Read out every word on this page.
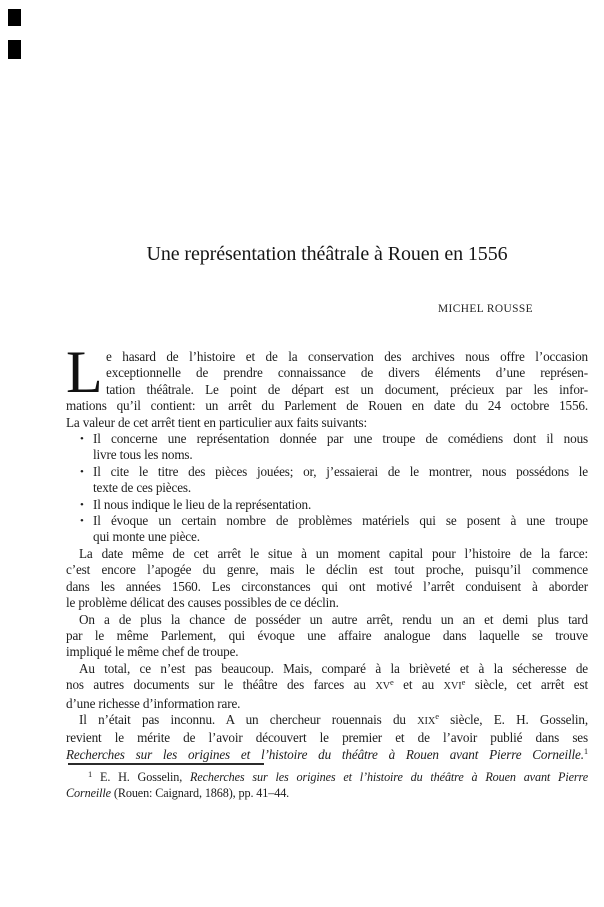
Une représentation théâtrale à Rouen en 1556
MICHEL ROUSSE
L e hasard de l’histoire et de la conservation des archives nous offre l’occasion
exceptionnelle de prendre connaissance de divers éléments d’une représen-
tation théâtrale. Le point de départ est un document, précieux par les infor-
mations qu’il contient: un arrêt du Parlement de Rouen en date du 24 octobre 1556.
La valeur de cet arrêt tient en particulier aux faits suivants:
• Il concerne une représentation donnée par une troupe de comédiens dont il nous
livre tous les noms.
• Il cite le titre des pièces jouées; or, j’essaierai de le montrer, nous possédons le
texte de ces pièces.
• Il nous indique le lieu de la représentation.
• Il évoque un certain nombre de problèmes matériels qui se posent à une troupe
qui monte une pièce.
La date même de cet arrêt le situe à un moment capital pour l’histoire de la farce:
c’est encore l’apogée du genre, mais le déclin est tout proche, puisqu’il commence
dans les années 1560. Les circonstances qui ont motivé l’arrêt conduisent à aborder
le problème délicat des causes possibles de ce déclin.
On a de plus la chance de posséder un autre arrêt, rendu un an et demi plus tard
par le même Parlement, qui évoque une affaire analogue dans laquelle se trouve
impliqué le même chef de troupe.
Au total, ce n’est pas beaucoup. Mais, comparé à la brièveté et à la sécheresse de
nos autres documents sur le théâtre des farces au XVe et au XVIe siècle, cet arrêt est
d’une richesse d’information rare.
Il n’était pas inconnu. A un chercheur rouennais du XIXe siècle, E. H. Gosselin,
revient le mérite de l’avoir découvert le premier et de l’avoir publié dans ses
Recherches sur les origines et l’histoire du théâtre à Rouen avant Pierre Corneille.$^1$
$^1$ E. H. Gosselin, Recherches sur les origines et l’histoire du théâtre à Rouen avant Pierre
Corneille (Rouen: Caignard, 1868), pp. 41–44.
